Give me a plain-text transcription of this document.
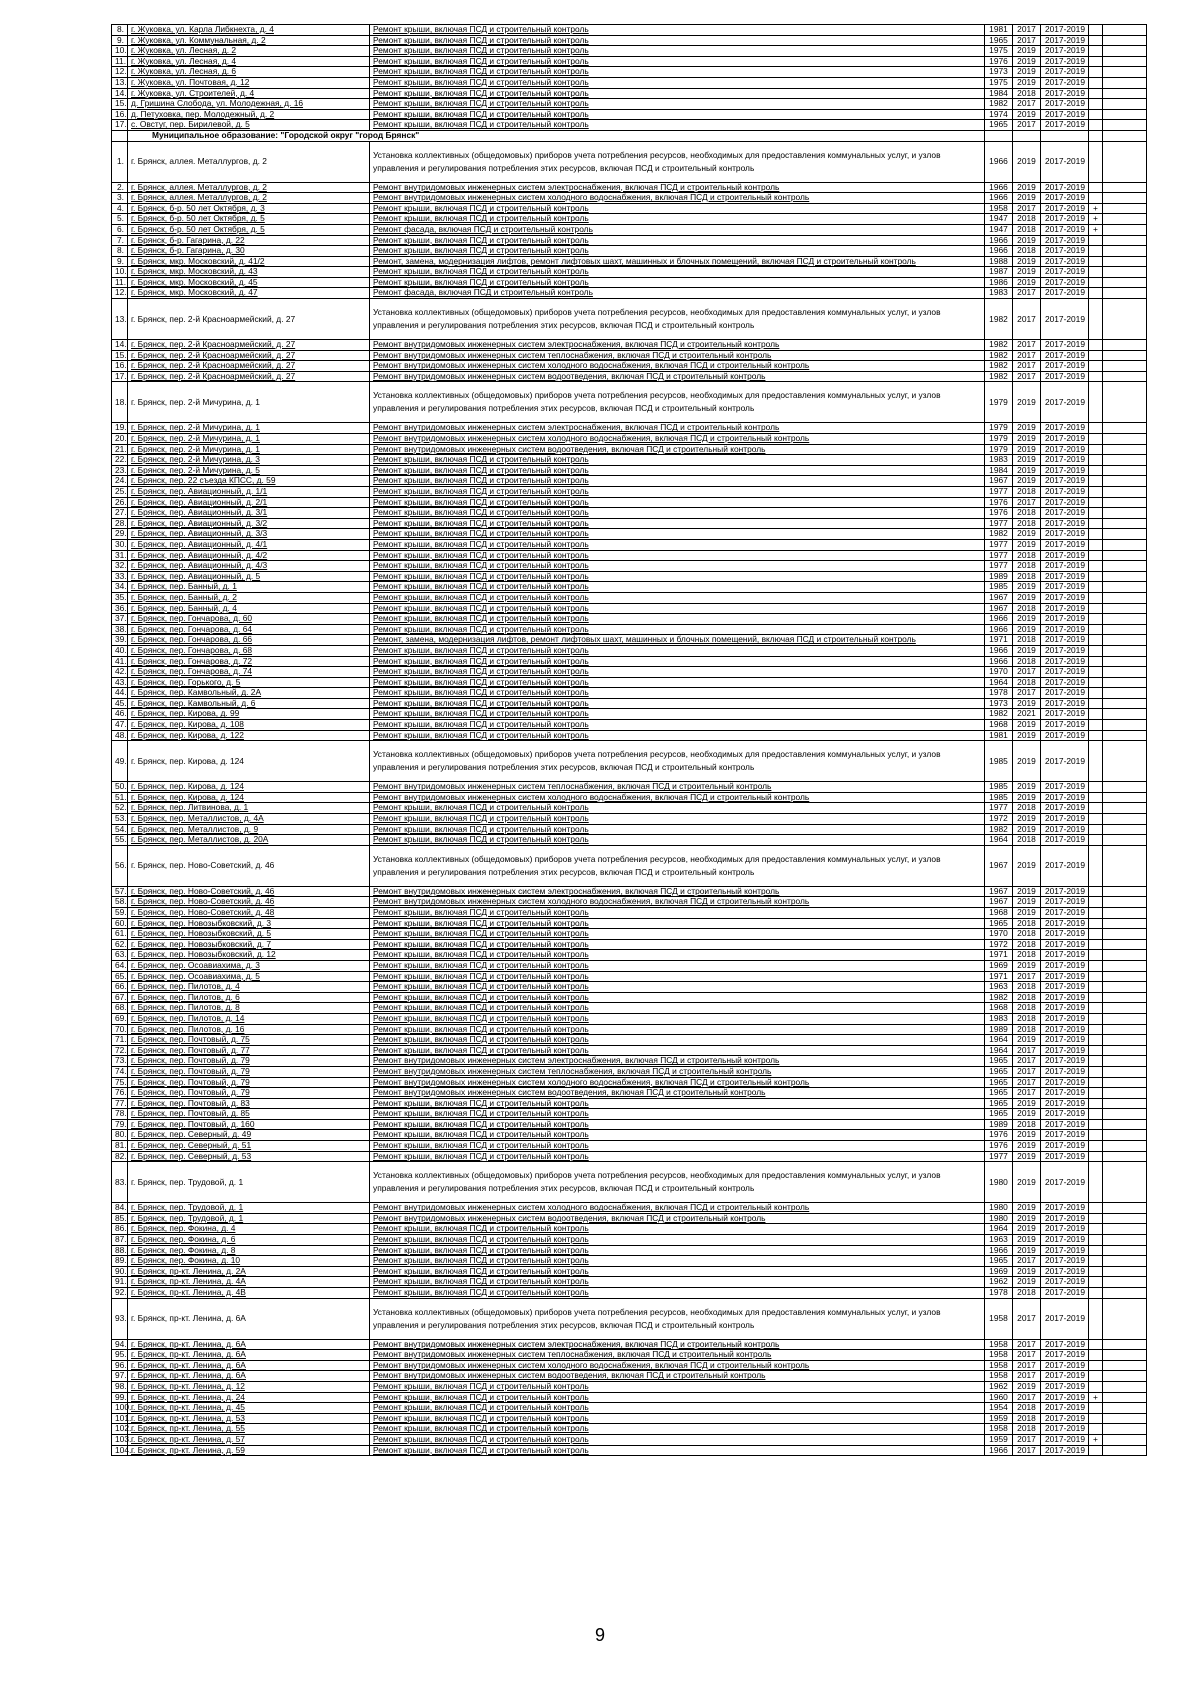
8.	г. Жуковка, ул. Карла Либкнехта, д. 4	Ремонт крыши, включая ПСД и строительный контроль	1981	2017	2017-2019		
9.	г. Жуковка, ул. Коммунальная, д. 2	Ремонт крыши, включая ПСД и строительный контроль	1965	2017	2017-2019		
10.	г. Жуковка, ул. Лесная, д. 2	Ремонт крыши, включая ПСД и строительный контроль	1975	2019	2017-2019		
11.	г. Жуковка, ул. Лесная, д. 4	Ремонт крыши, включая ПСД и строительный контроль	1976	2019	2017-2019		
12.	г. Жуковка, ул. Лесная, д. 6	Ремонт крыши, включая ПСД и строительный контроль	1973	2019	2017-2019		
13.	г. Жуковка, ул. Почтовая, д. 12	Ремонт крыши, включая ПСД и строительный контроль	1975	2019	2017-2019		
14.	г. Жуковка, ул. Строителей, д. 4	Ремонт крыши, включая ПСД и строительный контроль	1984	2018	2017-2019		
15.	д. Гришина Слобода, ул. Молодежная, д. 16	Ремонт крыши, включая ПСД и строительный контроль	1982	2017	2017-2019		
16.	д. Петуховка, пер. Молодежный, д. 2	Ремонт крыши, включая ПСД и строительный контроль	1974	2019	2017-2019		
17.	с. Овстуг, пер. Бирилевой, д. 5	Ремонт крыши, включая ПСД и строительный контроль	1965	2017	2017-2019		
	Муниципальное образование: "Городской округ "город Брянск"						
1.	г. Брянск, аллея. Металлургов, д. 2	Установка коллективных (общедомовых) приборов учета потребления ресурсов, необходимых для предоставления коммунальных услуг, и узлов управления и регулирования потребления этих ресурсов, включая ПСД и строительный контроль	1966	2019	2017-2019		
2.	г. Брянск, аллея. Металлургов, д. 2	Ремонт внутридомовых инженерных систем электроснабжения, включая ПСД и строительный контроль	1966	2019	2017-2019		
3.	г. Брянск, аллея. Металлургов, д. 2	Ремонт внутридомовых инженерных систем холодного водоснабжения, включая ПСД и строительный контроль	1966	2019	2017-2019		
4.	г. Брянск, б-р. 50 лет Октября, д. 3	Ремонт крыши, включая ПСД и строительный контроль	1958	2017	2017-2019	+	
5.	г. Брянск, б-р. 50 лет Октября, д. 5	Ремонт крыши, включая ПСД и строительный контроль	1947	2018	2017-2019	+	
6.	г. Брянск, б-р. 50 лет Октября, д. 5	Ремонт фасада, включая ПСД и строительный контроль	1947	2018	2017-2019	+	
7.	г. Брянск, б-р. Гагарина, д. 22	Ремонт крыши, включая ПСД и строительный контроль	1966	2019	2017-2019		
8.	г. Брянск, б-р. Гагарина, д. 30	Ремонт крыши, включая ПСД и строительный контроль	1966	2018	2017-2019		
9.	г. Брянск, мкр. Московский, д. 41/2	Ремонт, замена, модернизация лифтов, ремонт лифтовых шахт, машинных и блочных помещений, включая ПСД и строительный контроль	1988	2019	2017-2019		
10.	г. Брянск, мкр. Московский, д. 43	Ремонт крыши, включая ПСД и строительный контроль	1987	2019	2017-2019		
11.	г. Брянск, мкр. Московский, д. 45	Ремонт крыши, включая ПСД и строительный контроль	1986	2019	2017-2019		
12.	г. Брянск, мкр. Московский, д. 47	Ремонт фасада, включая ПСД и строительный контроль	1983	2017	2017-2019		
13.	г. Брянск, пер. 2-й Красноармейский, д. 27	Установка коллективных (общедомовых) приборов учета потребления ресурсов, необходимых для предоставления коммунальных услуг, и узлов управления и регулирования потребления этих ресурсов, включая ПСД и строительный контроль	1982	2017	2017-2019		
14.	г. Брянск, пер. 2-й Красноармейский, д. 27	Ремонт внутридомовых инженерных систем электроснабжения, включая ПСД и строительный контроль	1982	2017	2017-2019		
15.	г. Брянск, пер. 2-й Красноармейский, д. 27	Ремонт внутридомовых инженерных систем теплоснабжения, включая ПСД и строительный контроль	1982	2017	2017-2019		
16.	г. Брянск, пер. 2-й Красноармейский, д. 27	Ремонт внутридомовых инженерных систем холодного водоснабжения, включая ПСД и строительный контроль	1982	2017	2017-2019		
17.	г. Брянск, пер. 2-й Красноармейский, д. 27	Ремонт внутридомовых инженерных систем водоотведения, включая ПСД и строительный контроль	1982	2017	2017-2019		
18.	г. Брянск, пер. 2-й Мичурина, д. 1	Установка коллективных (общедомовых) приборов учета потребления ресурсов, необходимых для предоставления коммунальных услуг, и узлов управления и регулирования потребления этих ресурсов, включая ПСД и строительный контроль	1979	2019	2017-2019		
19.	г. Брянск, пер. 2-й Мичурина, д. 1	Ремонт внутридомовых инженерных систем электроснабжения, включая ПСД и строительный контроль	1979	2019	2017-2019		
20.	г. Брянск, пер. 2-й Мичурина, д. 1	Ремонт внутридомовых инженерных систем холодного водоснабжения, включая ПСД и строительный контроль	1979	2019	2017-2019		
21.	г. Брянск, пер. 2-й Мичурина, д. 1	Ремонт внутридомовых инженерных систем водоотведения, включая ПСД и строительный контроль	1979	2019	2017-2019		
22.	г. Брянск, пер. 2-й Мичурина, д. 3	Ремонт крыши, включая ПСД и строительный контроль	1983	2019	2017-2019		
23.	г. Брянск, пер. 2-й Мичурина, д. 5	Ремонт крыши, включая ПСД и строительный контроль	1984	2019	2017-2019		
24.	г. Брянск, пер. 22 съезда КПСС, д. 59	Ремонт крыши, включая ПСД и строительный контроль	1967	2019	2017-2019		
25.	г. Брянск, пер. Авиационный, д. 1/1	Ремонт крыши, включая ПСД и строительный контроль	1977	2018	2017-2019		
26.	г. Брянск, пер. Авиационный, д. 2/1	Ремонт крыши, включая ПСД и строительный контроль	1976	2017	2017-2019		
27.	г. Брянск, пер. Авиационный, д. 3/1	Ремонт крыши, включая ПСД и строительный контроль	1976	2018	2017-2019		
28.	г. Брянск, пер. Авиационный, д. 3/2	Ремонт крыши, включая ПСД и строительный контроль	1977	2018	2017-2019		
29.	г. Брянск, пер. Авиационный, д. 3/3	Ремонт крыши, включая ПСД и строительный контроль	1982	2019	2017-2019		
30.	г. Брянск, пер. Авиационный, д. 4/1	Ремонт крыши, включая ПСД и строительный контроль	1977	2019	2017-2019		
31.	г. Брянск, пер. Авиационный, д. 4/2	Ремонт крыши, включая ПСД и строительный контроль	1977	2018	2017-2019		
32.	г. Брянск, пер. Авиационный, д. 4/3	Ремонт крыши, включая ПСД и строительный контроль	1977	2018	2017-2019		
33.	г. Брянск, пер. Авиационный, д. 5	Ремонт крыши, включая ПСД и строительный контроль	1989	2018	2017-2019		
34.	г. Брянск, пер. Банный, д. 1	Ремонт крыши, включая ПСД и строительный контроль	1985	2019	2017-2019		
35.	г. Брянск, пер. Банный, д. 2	Ремонт крыши, включая ПСД и строительный контроль	1967	2019	2017-2019		
36.	г. Брянск, пер. Банный, д. 4	Ремонт крыши, включая ПСД и строительный контроль	1967	2018	2017-2019		
37.	г. Брянск, пер. Гончарова, д. 60	Ремонт крыши, включая ПСД и строительный контроль	1966	2019	2017-2019		
38.	г. Брянск, пер. Гончарова, д. 64	Ремонт крыши, включая ПСД и строительный контроль	1966	2019	2017-2019		
39.	г. Брянск, пер. Гончарова, д. 66	Ремонт, замена, модернизация лифтов, ремонт лифтовых шахт, машинных и блочных помещений, включая ПСД и строительный контроль	1971	2018	2017-2019		
40.	г. Брянск, пер. Гончарова, д. 68	Ремонт крыши, включая ПСД и строительный контроль	1966	2019	2017-2019		
41.	г. Брянск, пер. Гончарова, д. 72	Ремонт крыши, включая ПСД и строительный контроль	1966	2018	2017-2019		
42.	г. Брянск, пер. Гончарова, д. 74	Ремонт крыши, включая ПСД и строительный контроль	1970	2017	2017-2019		
43.	г. Брянск, пер. Горького, д. 5	Ремонт крыши, включая ПСД и строительный контроль	1964	2018	2017-2019		
44.	г. Брянск, пер. Камвольный, д. 2А	Ремонт крыши, включая ПСД и строительный контроль	1978	2017	2017-2019		
45.	г. Брянск, пер. Камвольный, д. 6	Ремонт крыши, включая ПСД и строительный контроль	1973	2019	2017-2019		
46.	г. Брянск, пер. Кирова, д. 99	Ремонт крыши, включая ПСД и строительный контроль	1982	2021	2017-2019		
47.	г. Брянск, пер. Кирова, д. 108	Ремонт крыши, включая ПСД и строительный контроль	1968	2019	2017-2019		
48.	г. Брянск, пер. Кирова, д. 122	Ремонт крыши, включая ПСД и строительный контроль	1981	2019	2017-2019		
49.	г. Брянск, пер. Кирова, д. 124	Установка коллективных (общедомовых) приборов учета потребления ресурсов, необходимых для предоставления коммунальных услуг, и узлов управления и регулирования потребления этих ресурсов, включая ПСД и строительный контроль	1985	2019	2017-2019		
50.	г. Брянск, пер. Кирова, д. 124	Ремонт внутридомовых инженерных систем теплоснабжения, включая ПСД и строительный контроль	1985	2019	2017-2019		
51.	г. Брянск, пер. Кирова, д. 124	Ремонт внутридомовых инженерных систем холодного водоснабжения, включая ПСД и строительный контроль	1985	2019	2017-2019		
52.	г. Брянск, пер. Литвинова, д. 1	Ремонт крыши, включая ПСД и строительный контроль	1977	2018	2017-2019		
53.	г. Брянск, пер. Металлистов, д. 4А	Ремонт крыши, включая ПСД и строительный контроль	1972	2019	2017-2019		
54.	г. Брянск, пер. Металлистов, д. 9	Ремонт крыши, включая ПСД и строительный контроль	1982	2019	2017-2019		
55.	г. Брянск, пер. Металлистов, д. 20А	Ремонт крыши, включая ПСД и строительный контроль	1964	2018	2017-2019		
56.	г. Брянск, пер. Ново-Советский, д. 46	Установка коллективных (общедомовых) приборов учета потребления ресурсов, необходимых для предоставления коммунальных услуг, и узлов управления и регулирования потребления этих ресурсов, включая ПСД и строительный контроль	1967	2019	2017-2019		
57.	г. Брянск, пер. Ново-Советский, д. 46	Ремонт внутридомовых инженерных систем электроснабжения, включая ПСД и строительный контроль	1967	2019	2017-2019		
58.	г. Брянск, пер. Ново-Советский, д. 46	Ремонт внутридомовых инженерных систем холодного водоснабжения, включая ПСД и строительный контроль	1967	2019	2017-2019		
59.	г. Брянск, пер. Ново-Советский, д. 48	Ремонт крыши, включая ПСД и строительный контроль	1968	2019	2017-2019		
60.	г. Брянск, пер. Новозыбковский, д. 3	Ремонт крыши, включая ПСД и строительный контроль	1965	2018	2017-2019		
61.	г. Брянск, пер. Новозыбковский, д. 5	Ремонт крыши, включая ПСД и строительный контроль	1970	2018	2017-2019		
62.	г. Брянск, пер. Новозыбковский, д. 7	Ремонт крыши, включая ПСД и строительный контроль	1972	2018	2017-2019		
63.	г. Брянск, пер. Новозыбковский, д. 12	Ремонт крыши, включая ПСД и строительный контроль	1971	2018	2017-2019		
64.	г. Брянск, пер. Осоавиахима, д. 3	Ремонт крыши, включая ПСД и строительный контроль	1969	2019	2017-2019		
65.	г. Брянск, пер. Осоавиахима, д. 5	Ремонт крыши, включая ПСД и строительный контроль	1971	2017	2017-2019		
66.	г. Брянск, пер. Пилотов, д. 4	Ремонт крыши, включая ПСД и строительный контроль	1963	2018	2017-2019		
67.	г. Брянск, пер. Пилотов, д. 6	Ремонт крыши, включая ПСД и строительный контроль	1982	2018	2017-2019		
68.	г. Брянск, пер. Пилотов, д. 8	Ремонт крыши, включая ПСД и строительный контроль	1968	2018	2017-2019		
69.	г. Брянск, пер. Пилотов, д. 14	Ремонт крыши, включая ПСД и строительный контроль	1983	2018	2017-2019		
70.	г. Брянск, пер. Пилотов, д. 16	Ремонт крыши, включая ПСД и строительный контроль	1989	2018	2017-2019		
71.	г. Брянск, пер. Почтовый, д. 75	Ремонт крыши, включая ПСД и строительный контроль	1964	2019	2017-2019		
72.	г. Брянск, пер. Почтовый, д. 77	Ремонт крыши, включая ПСД и строительный контроль	1964	2017	2017-2019		
73.	г. Брянск, пер. Почтовый, д. 79	Ремонт внутридомовых инженерных систем электроснабжения, включая ПСД и строительный контроль	1965	2017	2017-2019		
74.	г. Брянск, пер. Почтовый, д. 79	Ремонт внутридомовых инженерных систем теплоснабжения, включая ПСД и строительный контроль	1965	2017	2017-2019		
75.	г. Брянск, пер. Почтовый, д. 79	Ремонт внутридомовых инженерных систем холодного водоснабжения, включая ПСД и строительный контроль	1965	2017	2017-2019		
76.	г. Брянск, пер. Почтовый, д. 79	Ремонт внутридомовых инженерных систем водоотведения, включая ПСД и строительный контроль	1965	2017	2017-2019		
77.	г. Брянск, пер. Почтовый, д. 83	Ремонт крыши, включая ПСД и строительный контроль	1965	2019	2017-2019		
78.	г. Брянск, пер. Почтовый, д. 85	Ремонт крыши, включая ПСД и строительный контроль	1965	2019	2017-2019		
79.	г. Брянск, пер. Почтовый, д. 160	Ремонт крыши, включая ПСД и строительный контроль	1989	2018	2017-2019		
80.	г. Брянск, пер. Северный, д. 49	Ремонт крыши, включая ПСД и строительный контроль	1976	2019	2017-2019		
81.	г. Брянск, пер. Северный, д. 51	Ремонт крыши, включая ПСД и строительный контроль	1976	2019	2017-2019		
82.	г. Брянск, пер. Северный, д. 53	Ремонт крыши, включая ПСД и строительный контроль	1977	2019	2017-2019		
83.	г. Брянск, пер. Трудовой, д. 1	Установка коллективных (общедомовых) приборов учета потребления ресурсов, необходимых для предоставления коммунальных услуг, и узлов управления и регулирования потребления этих ресурсов, включая ПСД и строительный контроль	1980	2019	2017-2019		
84.	г. Брянск, пер. Трудовой, д. 1	Ремонт внутридомовых инженерных систем холодного водоснабжения, включая ПСД и строительный контроль	1980	2019	2017-2019		
85.	г. Брянск, пер. Трудовой, д. 1	Ремонт внутридомовых инженерных систем водоотведения, включая ПСД и строительный контроль	1980	2019	2017-2019		
86.	г. Брянск, пер. Фокина, д. 4	Ремонт крыши, включая ПСД и строительный контроль	1964	2019	2017-2019		
87.	г. Брянск, пер. Фокина, д. 6	Ремонт крыши, включая ПСД и строительный контроль	1963	2019	2017-2019		
88.	г. Брянск, пер. Фокина, д. 8	Ремонт крыши, включая ПСД и строительный контроль	1966	2019	2017-2019		
89.	г. Брянск, пер. Фокина, д. 10	Ремонт крыши, включая ПСД и строительный контроль	1965	2017	2017-2019		
90.	г. Брянск, пр-кт. Ленина, д. 2А	Ремонт крыши, включая ПСД и строительный контроль	1969	2019	2017-2019		
91.	г. Брянск, пр-кт. Ленина, д. 4А	Ремонт крыши, включая ПСД и строительный контроль	1962	2019	2017-2019		
92.	г. Брянск, пр-кт. Ленина, д. 4В	Ремонт крыши, включая ПСД и строительный контроль	1978	2018	2017-2019		
93.	г. Брянск, пр-кт. Ленина, д. 6А	Установка коллективных (общедомовых) приборов учета потребления ресурсов, необходимых для предоставления коммунальных услуг, и узлов управления и регулирования потребления этих ресурсов, включая ПСД и строительный контроль	1958	2017	2017-2019		
94.	г. Брянск, пр-кт. Ленина, д. 6А	Ремонт внутридомовых инженерных систем электроснабжения, включая ПСД и строительный контроль	1958	2017	2017-2019		
95.	г. Брянск, пр-кт. Ленина, д. 6А	Ремонт внутридомовых инженерных систем теплоснабжения, включая ПСД и строительный контроль	1958	2017	2017-2019		
96.	г. Брянск, пр-кт. Ленина, д. 6А	Ремонт внутридомовых инженерных систем холодного водоснабжения, включая ПСД и строительный контроль	1958	2017	2017-2019		
97.	г. Брянск, пр-кт. Ленина, д. 6А	Ремонт внутридомовых инженерных систем водоотведения, включая ПСД и строительный контроль	1958	2017	2017-2019		
98.	г. Брянск, пр-кт. Ленина, д. 12	Ремонт крыши, включая ПСД и строительный контроль	1962	2019	2017-2019		
99.	г. Брянск, пр-кт. Ленина, д. 24	Ремонт крыши, включая ПСД и строительный контроль	1960	2017	2017-2019	+	
100.	г. Брянск, пр-кт. Ленина, д. 45	Ремонт крыши, включая ПСД и строительный контроль	1954	2018	2017-2019		
101.	г. Брянск, пр-кт. Ленина, д. 53	Ремонт крыши, включая ПСД и строительный контроль	1959	2018	2017-2019		
102.	г. Брянск, пр-кт. Ленина, д. 55	Ремонт крыши, включая ПСД и строительный контроль	1958	2018	2017-2019		
103.	г. Брянск, пр-кт. Ленина, д. 57	Ремонт крыши, включая ПСД и строительный контроль	1959	2017	2017-2019	+	
104.	г. Брянск, пр-кт. Ленина, д. 59	Ремонт крыши, включая ПСД и строительный контроль	1966	2017	2017-2019		
9
